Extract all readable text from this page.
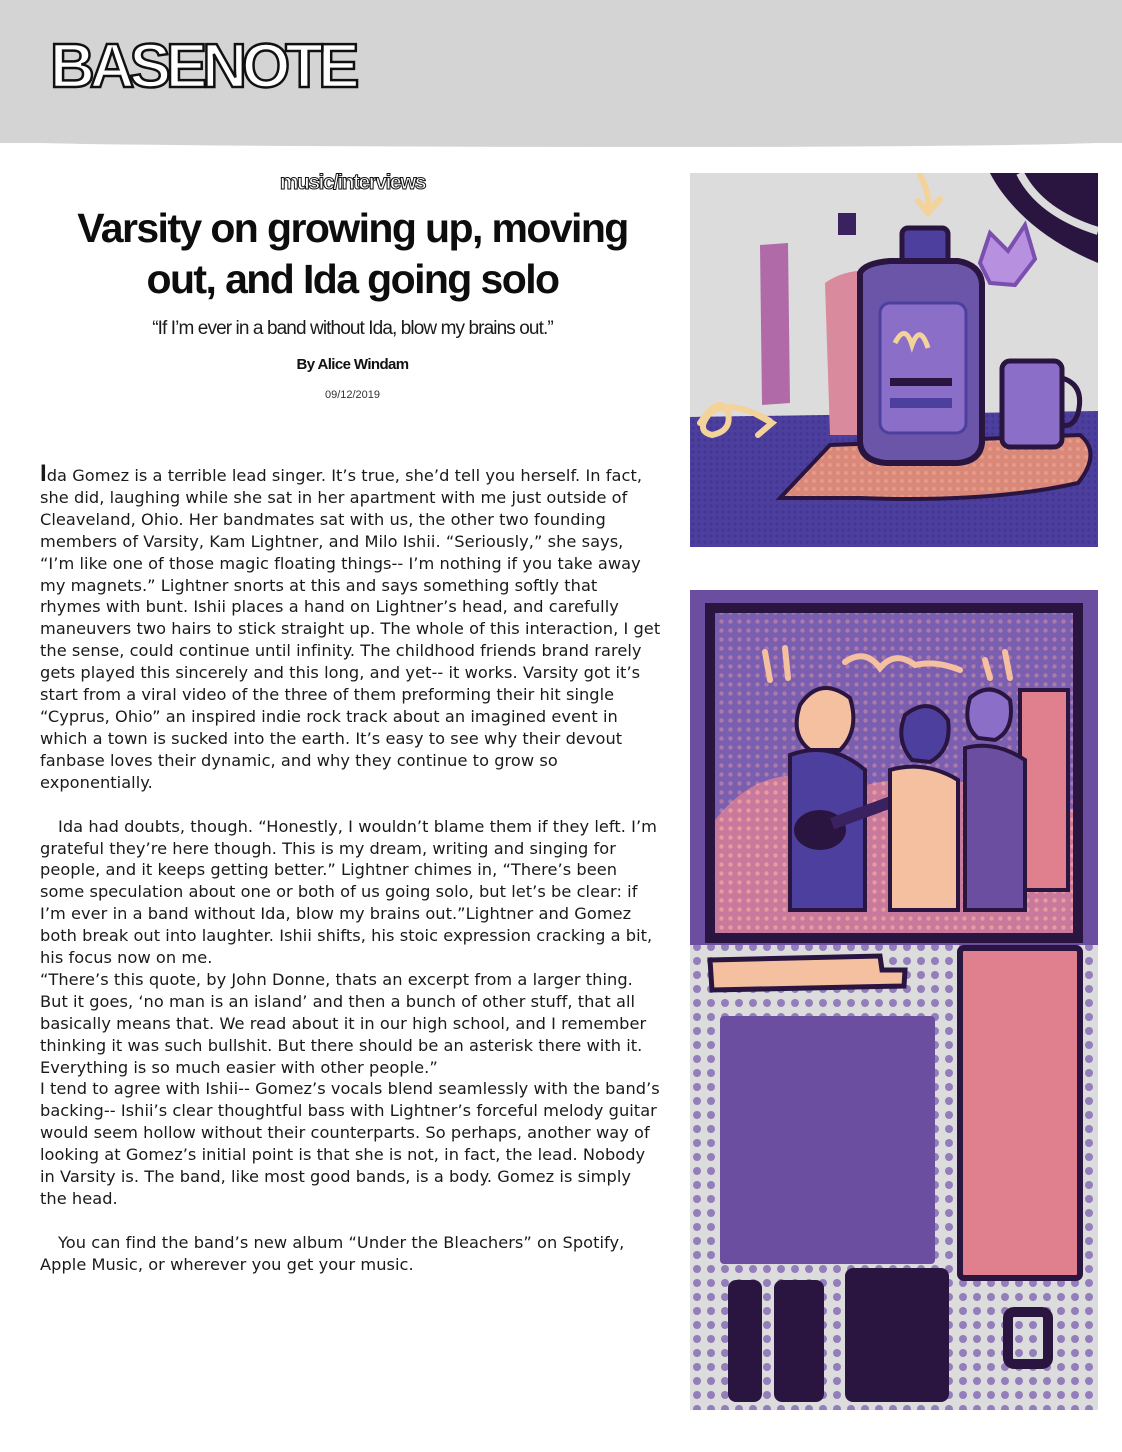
BASENOTE
music/interviews
Varsity on growing up, moving
out, and Ida going solo
“If I’m ever in a band without Ida, blow my brains out.”
By Alice Windam
09/12/2019

Ida Gomez is a terrible lead singer. It’s true, she’d tell you herself. In fact, she did, laughing while she sat in her apartment with me just outside of Cleaveland, Ohio. Her bandmates sat with us, the other two founding members of Varsity, Kam Lightner, and Milo Ishii. “Seriously,” she says, “I’m like one of those magic floating things-- I’m nothing if you take away my magnets.” Lightner snorts at this and says something softly that rhymes with bunt. Ishii places a hand on Lightner’s head, and carefully maneuvers two hairs to stick straight up. The whole of this interaction, I get the sense, could continue until infinity. The childhood friends brand rarely gets played this sincerely and this long, and yet-- it works. Varsity got it’s start from a viral video of the three of them preforming their hit single “Cyprus, Ohio” an inspired indie rock track about an imagined event in which a town is sucked into the earth. It’s easy to see why their devout fanbase loves their dynamic, and why they continue to grow so exponentially.

Ida had doubts, though. “Honestly, I wouldn’t blame them if they left. I’m grateful they’re here though. This is my dream, writing and singing for people, and it keeps getting better.” Lightner chimes in, “There’s been some speculation about one or both of us going solo, but let’s be clear: if I’m ever in a band without Ida, blow my brains out.”Lightner and Gomez both break out into laughter. Ishii shifts, his stoic expression cracking a bit, his focus now on me.

“There’s this quote, by John Donne, thats an excerpt from a larger thing. But it goes, ‘no man is an island’ and then a bunch of other stuff, that all basically means that. We read about it in our high school, and I remember thinking it was such bullshit. But there should be an asterisk there with it. Everything is so much easier with other people.”

I tend to agree with Ishii-- Gomez’s vocals blend seamlessly with the band’s backing-- Ishii’s clear thoughtful bass with Lightner’s forceful melody guitar would seem hollow without their counterparts. So perhaps, another way of looking at Gomez’s initial point is that she is not, in fact, the lead. Nobody in Varsity is. The band, like most good bands, is a body. Gomez is simply the head.

You can find the band’s new album “Under the Bleachers” on Spotify, Apple Music, or wherever you get your music.
